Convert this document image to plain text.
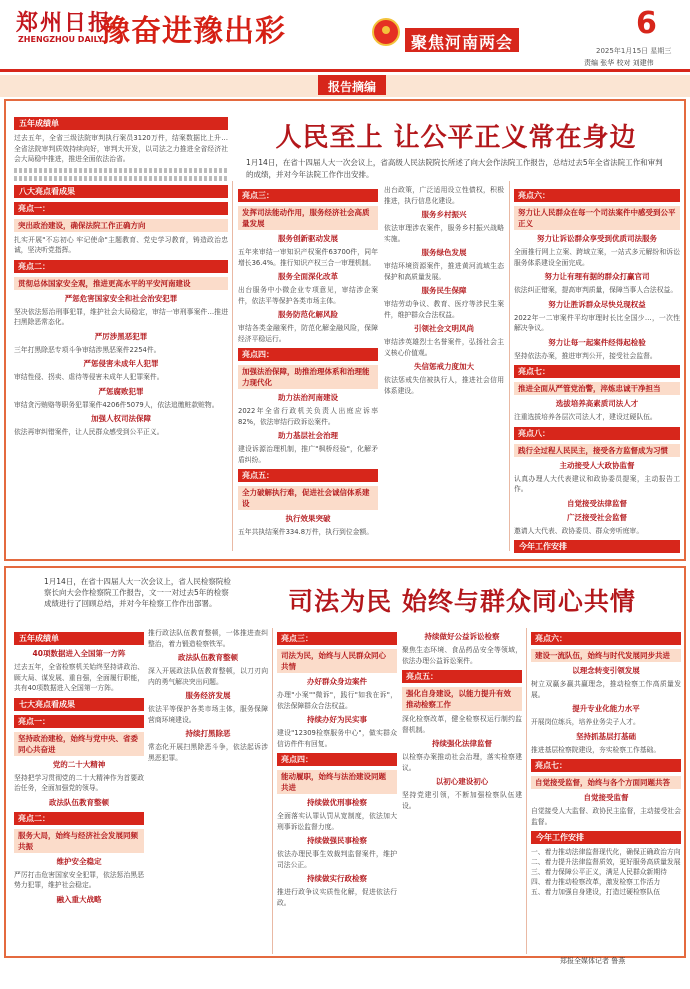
郑州日报
ZHENGZHOU DAILY
豫奋进豫出彩	聚焦河南两会
6
2025年1月15日 星期三
责编 张华 校对 刘建伟
报告摘编
人民至上 让公平正义常在身边
1月14日，在省十四届人大一次会议上，省高级人民法院院长所述了向大会作法院工作报告，总结过去5年全省法院工作和审判的成绩，并对今年法院工作作出安排。
五年成绩单
过去五年，全省三级法院审判执行案员3120万件，结案数据比上升…全省法院审判质效持续向好，审判大开发，以司法之力推进全省经济社会大局稳中推进，推进全面依法治省。
八大亮点看成果
亮点一：
突出政治建设，确保法院工作正确方向
扎实开展"不忘初心 牢记使命"主题教育、党史学习教育，铸造政治忠诚，坚决听党指挥。
亮点二：
贯彻总体国家安全观，推进更高水平的平安河南建设
严惩危害国家安全和社会治安犯罪
坚决依法惩治刑事犯罪，维护社会大局稳定，审结一审刑事案件…推进扫黑除恶常态化。
严厉涉黑恶犯罪
三年打黑除恶专项斗争审结涉黑恶案件2254件。
严惩侵害未成年人犯罪
审结性侵、拐卖、虐待等侵害未成年人犯罪案件。
严惩腐败犯罪
审结贪污贿赂等职务犯罪案件4206件5079人，依法追缴赃款赃物。
加强人权司法保障
依法再审纠错案件，让人民群众感受到公平正义。
亮点三：
发挥司法能动作用，服务经济社会高质量发展
服务创新驱动发展
五年来审结一审知识产权案件63700件，同年增长36.4%。推行知识产权三合一审理机制。
服务全面深化改革
出台服务中小微企业专项意见，审结涉企案件，依法平等保护各类市场主体。
服务防范化解风险
审结各类金融案件，防范化解金融风险，保障经济平稳运行。
亮点四：
加强法治保障，助推治理体系和治理能力现代化
助力法治河南建设
2022年全省行政机关负责人出庭应诉率82%，依法审结行政诉讼案件。
助力基层社会治理
建设诉源治理机制，推广"枫桥经验"，化解矛盾纠纷。
亮点五：
全力破解执行难，促进社会诚信体系建设
执行效果突破
五年共执结案件334.8万件，执行到位金额。
出台政策，广泛适用设立性债权，积极推进，执行信息化建设。
服务乡村振兴
依法审理涉农案件，服务乡村振兴战略实施。
服务绿色发展
审结环境资源案件，推进黄河流域生态保护和高质量发展。
服务民生保障
审结劳动争议、教育、医疗等涉民生案件，维护群众合法权益。
引领社会文明风尚
审结涉英雄烈士名誉案件，弘扬社会主义核心价值观。
失信惩戒力度加大
依法惩戒失信被执行人，推进社会信用体系建设。
亮点六：
努力让人民群众在每一个司法案件中感受到公平正义
努力让诉讼群众享受到优质司法服务
全面推行网上立案、跨域立案，一站式多元解纷和诉讼服务体系建设全面完成。
努力让有理有据的群众打赢官司
依法纠正错案，提高审判质量，保障当事人合法权益。
努力让胜诉群众尽快兑现权益
2022年一二审案件平均审理时长比全国少…，一次性解决争议。
努力让每一起案件经得起检验
坚持依法办案，推进审判公开，接受社会监督。
亮点七：
推进全面从严管党治警，淬炼忠诚干净担当
选拔培养高素质司法人才
注重选拔培养各层次司法人才，建设过硬队伍。
亮点八：
践行全过程人民民主，接受各方监督成为习惯
主动接受人大政协监督
认真办理人大代表建议和政协委员提案，主动报告工作。
自觉接受法律监督
广泛接受社会监督
邀请人大代表、政协委员、群众旁听庭审。
今年工作安排
1月14日，在省十四届人大一次会议上，省人民检察院检察长向大会作检察院工作报告，文一一对过去5年的检察成绩进行了回顾总结，并对今年检察工作作出部署。	司法为民 始终与群众同心共情
五年成绩单
40项数据进入全国第一方阵
过去五年，全省检察机关始终坚持讲政治、顾大局、谋发展、重自强，全面履行职能，共有40项数据进入全国第一方阵。
七大亮点看成果
亮点一：
坚持政治建检，始终与党中央、省委同心共奋进
党的二十大精神
坚持把学习贯彻党的二十大精神作为首要政治任务，全面加强党的领导。
政法队伍教育整顿
亮点二：
服务大局，始终与经济社会发展同频共振
维护安全稳定
严厉打击危害国家安全犯罪，依法惩治黑恶势力犯罪，维护社会稳定。
融入重大战略
推行政法队伍教育整顿，一体推进查纠整治，着力锻造检察铁军。
政法队伍教育整顿
深入开展政法队伍教育整顿，以刀刃向内的勇气解决突出问题。
服务经济发展
依法平等保护各类市场主体，服务保障营商环境建设。
持续打黑除恶
常态化开展扫黑除恶斗争，依法起诉涉黑恶犯罪。
亮点三：
司法为民，始终与人民群众同心共情
办好群众身边案件
办理"小案""微诉"，践行"如我在诉"，依法保障群众合法权益。
持续办好为民实事
建设"12309检察服务中心"，做实群众信访件件有回复。
亮点四：
能动履职，始终与法治建设同题共进
持续做优刑事检察
全面落实认罪认罚从宽制度，依法加大刑事诉讼监督力度。
持续做强民事检察
依法办理民事生效裁判监督案件，维护司法公正。
持续做实行政检察
推进行政争议实质性化解，促进依法行政。
持续做好公益诉讼检察
聚焦生态环境、食品药品安全等领域，依法办理公益诉讼案件。
亮点五：
强化自身建设，以能力提升有效推动检察工作
深化检察改革，健全检察权运行制约监督机制。
持续强化法律监督
以检察办案推动社会治理，落实检察建议。
以初心建设初心
坚持党建引领，不断加强检察队伍建设。
亮点六：
建设一流队伍，始终与时代发展同步共进
以理念转变引领发展
树立双赢多赢共赢理念，推动检察工作高质量发展。
提升专业化能力水平
开展岗位练兵，培养业务尖子人才。
坚持抓基层打基础
推进基层检察院建设，夯实检察工作基础。
亮点七：
自觉接受监督，始终与各个方面同题共答
自觉接受监督
自觉接受人大监督、政协民主监督，主动接受社会监督。
今年工作安排
一、着力推动法律监督现代化，确保正确政治方向
二、着力提升法律监督质效，更好服务高质量发展
三、着力保障公平正义，满足人民群众新期待
四、着力推动检察改革，激发检察工作活力
五、着力加强自身建设，打造过硬检察队伍
郑报全媒体记者 鲁燕
